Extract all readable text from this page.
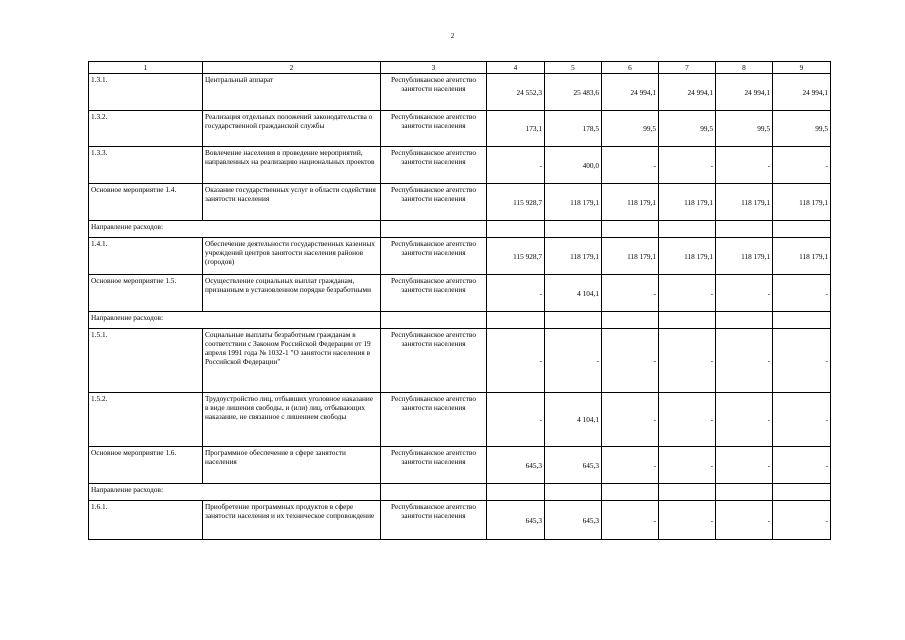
2
1	2	3	4	5	6	7	8	9
1.3.1.	Центральный аппарат	Республиканское агентство занятости населения	24 552,3	25 483,6	24 994,1	24 994,1	24 994,1	24 994,1
1.3.2.	Реализация отдельных положений законодательства о государственной гражданской службы	Республиканское агентство занятости населения	173,1	178,5	99,5	99,5	99,5	99,5
1.3.3.	Вовлечение населения в проведение мероприятий, направленных на реализацию национальных проектов	Республиканское агентство занятости населения	-	400,0	-	-	-	-
Основное мероприятие 1.4.	Оказание государственных услуг в области содействия занятости населения	Республиканское агентство занятости населения	115 928,7	118 179,1	118 179,1	118 179,1	118 179,1	118 179,1
Направление расходов:								
1.4.1.	Обеспечение деятельности государственных казенных учреждений центров занятости населения районов (городов)	Республиканское агентство занятости населения	115 928,7	118 179,1	118 179,1	118 179,1	118 179,1	118 179,1
Основное мероприятие 1.5.	Осуществление социальных выплат гражданам, признанным в установленном порядке безработными	Республиканское агентство занятости населения	-	4 104,1	-	-	-	-
Направление расходов:								
1.5.1.	Социальные выплаты безработным гражданам в соответствии с Законом Российской Федерации от 19 апреля 1991 года № 1032-1 "О занятости населения в Российской Федерации"	Республиканское агентство занятости населения	-	-	-	-	-	-
1.5.2.	Трудоустройство лиц, отбывших уголовное наказание в виде лишения свободы, и (или) лиц, отбывающих наказание, не связанное с лишением свободы	Республиканское агентство занятости населения	-	4 104,1	-	-	-	-
Основное мероприятие 1.6.	Программное обеспечение в сфере занятости населения	Республиканское агентство занятости населения	645,3	645,3	-	-	-	-
Направление расходов:								
1.6.1.	Приобретение программных продуктов в сфере занятости населения и их техническое сопровождение	Республиканское агентство занятости населения	645,3	645,3	-	-	-	-
